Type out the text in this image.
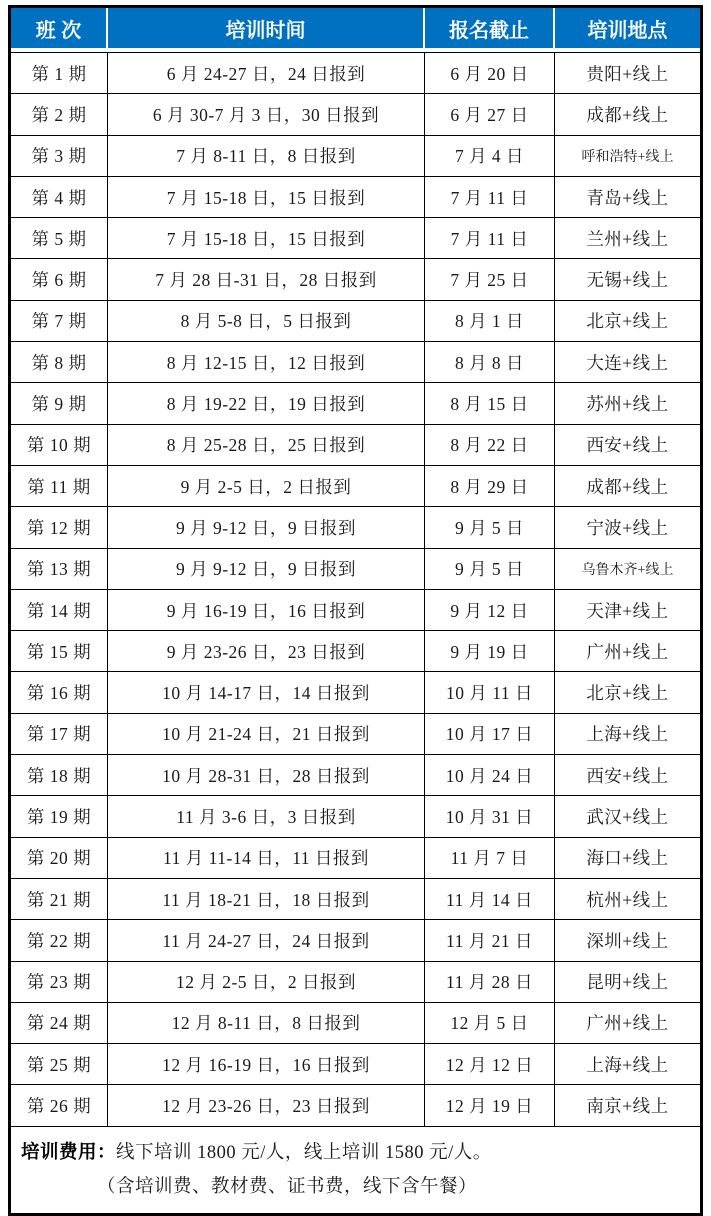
班 次	培训时间	报名截止	培训地点
第 1 期	6 月 24-27 日，24 日报到	6 月 20 日	贵阳+线上
第 2 期	6 月 30-7 月 3 日，30 日报到	6 月 27 日	成都+线上
第 3 期	7 月 8-11 日，8 日报到	7 月 4 日	呼和浩特+线上
第 4 期	7 月 15-18 日，15 日报到	7 月 11 日	青岛+线上
第 5 期	7 月 15-18 日，15 日报到	7 月 11 日	兰州+线上
第 6 期	7 月 28 日-31 日，28 日报到	7 月 25 日	无锡+线上
第 7 期	8 月 5-8 日，5 日报到	8 月 1 日	北京+线上
第 8 期	8 月 12-15 日，12 日报到	8 月 8 日	大连+线上
第 9 期	8 月 19-22 日，19 日报到	8 月 15 日	苏州+线上
第 10 期	8 月 25-28 日，25 日报到	8 月 22 日	西安+线上
第 11 期	9 月 2-5 日，2 日报到	8 月 29 日	成都+线上
第 12 期	9 月 9-12 日，9 日报到	9 月 5 日	宁波+线上
第 13 期	9 月 9-12 日，9 日报到	9 月 5 日	乌鲁木齐+线上
第 14 期	9 月 16-19 日，16 日报到	9 月 12 日	天津+线上
第 15 期	9 月 23-26 日，23 日报到	9 月 19 日	广州+线上
第 16 期	10 月 14-17 日，14 日报到	10 月 11 日	北京+线上
第 17 期	10 月 21-24 日，21 日报到	10 月 17 日	上海+线上
第 18 期	10 月 28-31 日，28 日报到	10 月 24 日	西安+线上
第 19 期	11 月 3-6 日，3 日报到	10 月 31 日	武汉+线上
第 20 期	11 月 11-14 日，11 日报到	11 月 7 日	海口+线上
第 21 期	11 月 18-21 日，18 日报到	11 月 14 日	杭州+线上
第 22 期	11 月 24-27 日，24 日报到	11 月 21 日	深圳+线上
第 23 期	12 月 2-5 日，2 日报到	11 月 28 日	昆明+线上
第 24 期	12 月 8-11 日，8 日报到	12 月 5 日	广州+线上
第 25 期	12 月 16-19 日，16 日报到	12 月 12 日	上海+线上
第 26 期	12 月 23-26 日，23 日报到	12 月 19 日	南京+线上

培训费用：线下培训 1800 元/人，线上培训 1580 元/人。
（含培训费、教材费、证书费，线下含午餐）			
